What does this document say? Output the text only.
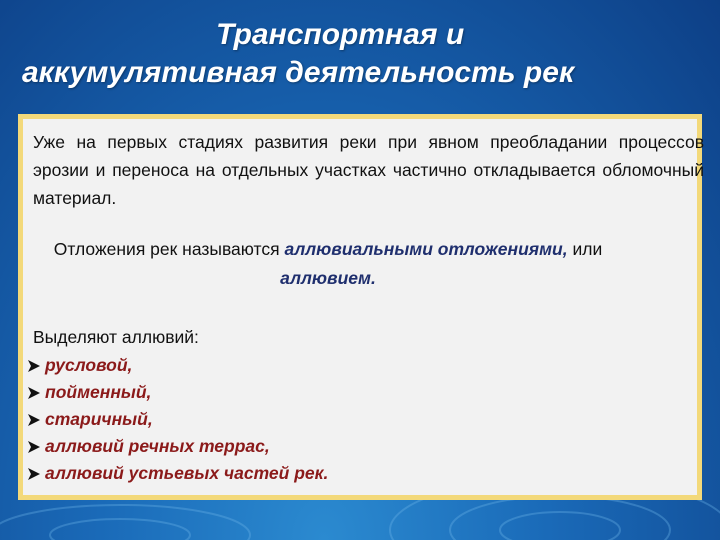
Транспортная и
аккумулятивная деятельность рек

Уже на первых стадиях развития реки при явном преобладании процессов эрозии и переноса на отдельных участках частично откладывается обломочный материал.

Отложения рек называются аллювиальными отложениями, или аллювием.

Выделяют аллювий:

русловой,
пойменный,
старичный,
аллювий речных террас,
аллювий устьевых частей рек.
